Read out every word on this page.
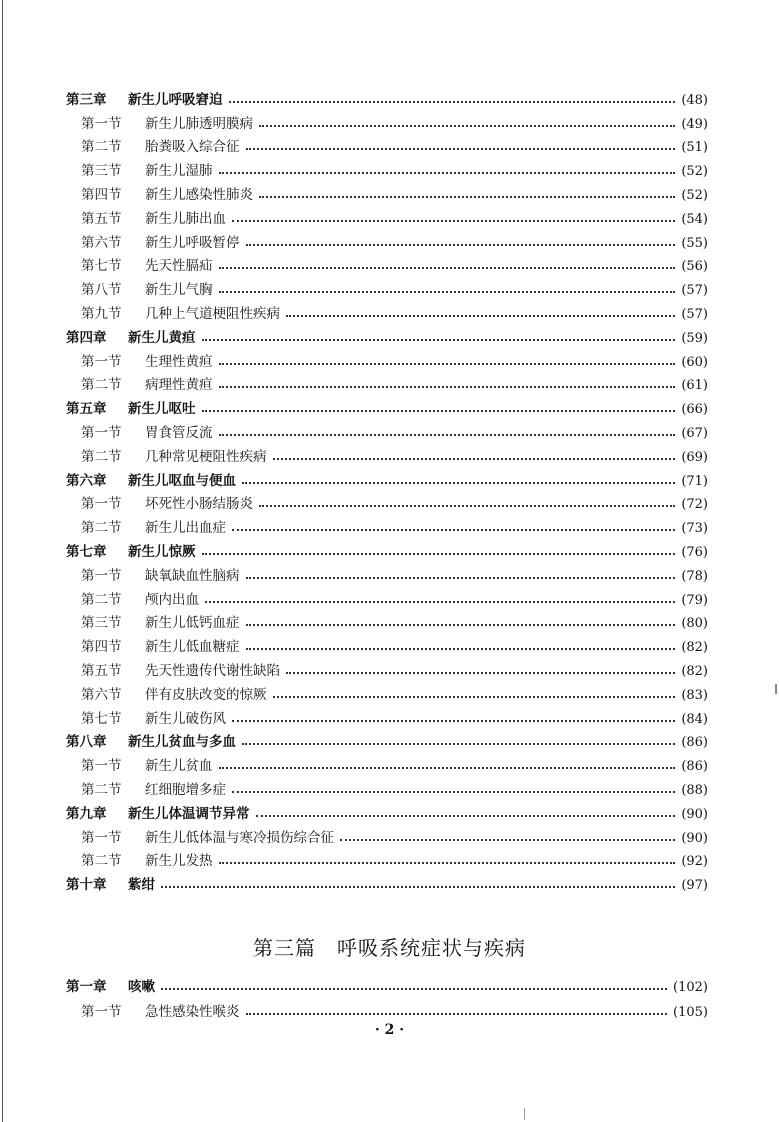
第三章	新生儿呼吸窘迫	(48)
第一节	新生儿肺透明膜病	(49)
第二节	胎粪吸入综合征	(51)
第三节	新生儿湿肺	(52)
第四节	新生儿感染性肺炎	(52)
第五节	新生儿肺出血	(54)
第六节	新生儿呼吸暂停	(55)
第七节	先天性膈疝	(56)
第八节	新生儿气胸	(57)
第九节	几种上气道梗阻性疾病	(57)
第四章	新生儿黄疸	(59)
第一节	生理性黄疸	(60)
第二节	病理性黄疸	(61)
第五章	新生儿呕吐	(66)
第一节	胃食管反流	(67)
第二节	几种常见梗阻性疾病	(69)
第六章	新生儿呕血与便血	(71)
第一节	坏死性小肠结肠炎	(72)
第二节	新生儿出血症	(73)
第七章	新生儿惊厥	(76)
第一节	缺氧缺血性脑病	(78)
第二节	颅内出血	(79)
第三节	新生儿低钙血症	(80)
第四节	新生儿低血糖症	(82)
第五节	先天性遗传代谢性缺陷	(82)
第六节	伴有皮肤改变的惊厥	(83)
第七节	新生儿破伤风	(84)
第八章	新生儿贫血与多血	(86)
第一节	新生儿贫血	(86)
第二节	红细胞增多症	(88)
第九章	新生儿体温调节异常	(90)
第一节	新生儿低体温与寒冷损伤综合征	(90)
第二节	新生儿发热	(92)
第十章	紫绀	(97)
第三篇　呼吸系统症状与疾病
第一章	咳嗽	(102)
第一节	急性感染性喉炎	(105)
· 2 ·
